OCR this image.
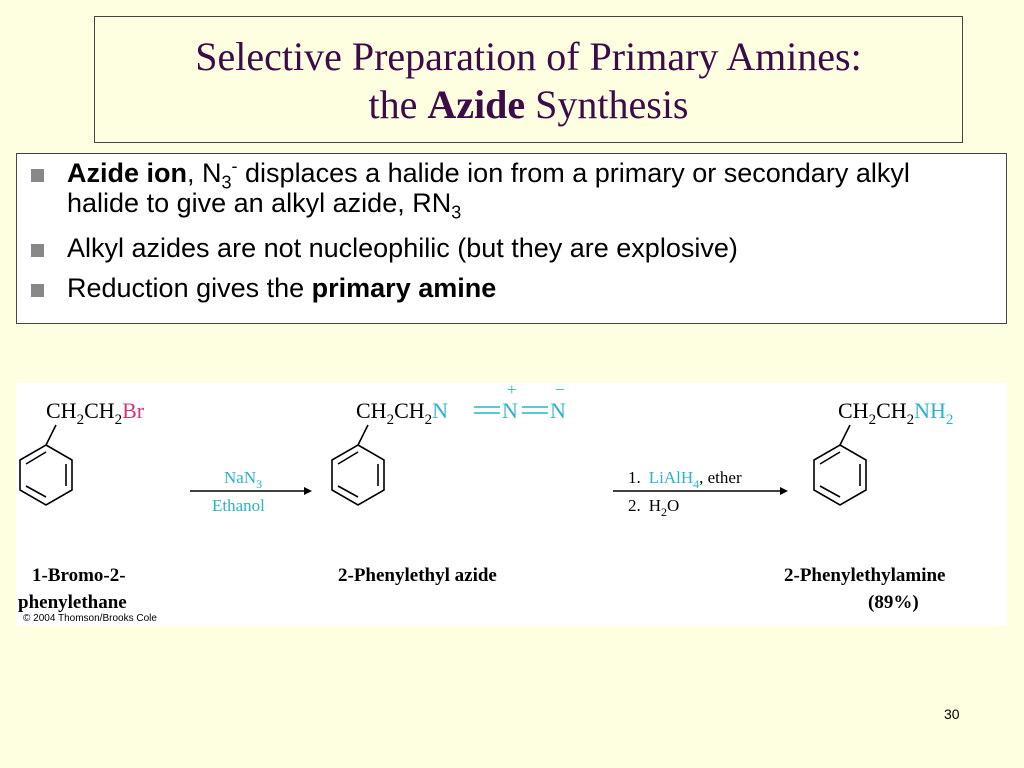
Selective Preparation of Primary Amines:
the Azide Synthesis
Azide ion, $N_3^-$ displaces a halide ion from a primary or secondary alkyl halide to give an alkyl azide, $RN_3$
Alkyl azides are not nucleophilic (but they are explosive)
Reduction gives the primary amine
$CH_2CH_2Br$
1-Bromo-2-
phenylethane
NaN$_3$
Ethanol
$CH_2CH_2N$ N N
+ −
2-Phenylethyl azide
1. LiAlH$_4$, ether
2. $H_2O$
$CH_2CH_2NH_2$
2-Phenylethylamine
(89%)
© 2004 Thomson/Brooks Cole
30
